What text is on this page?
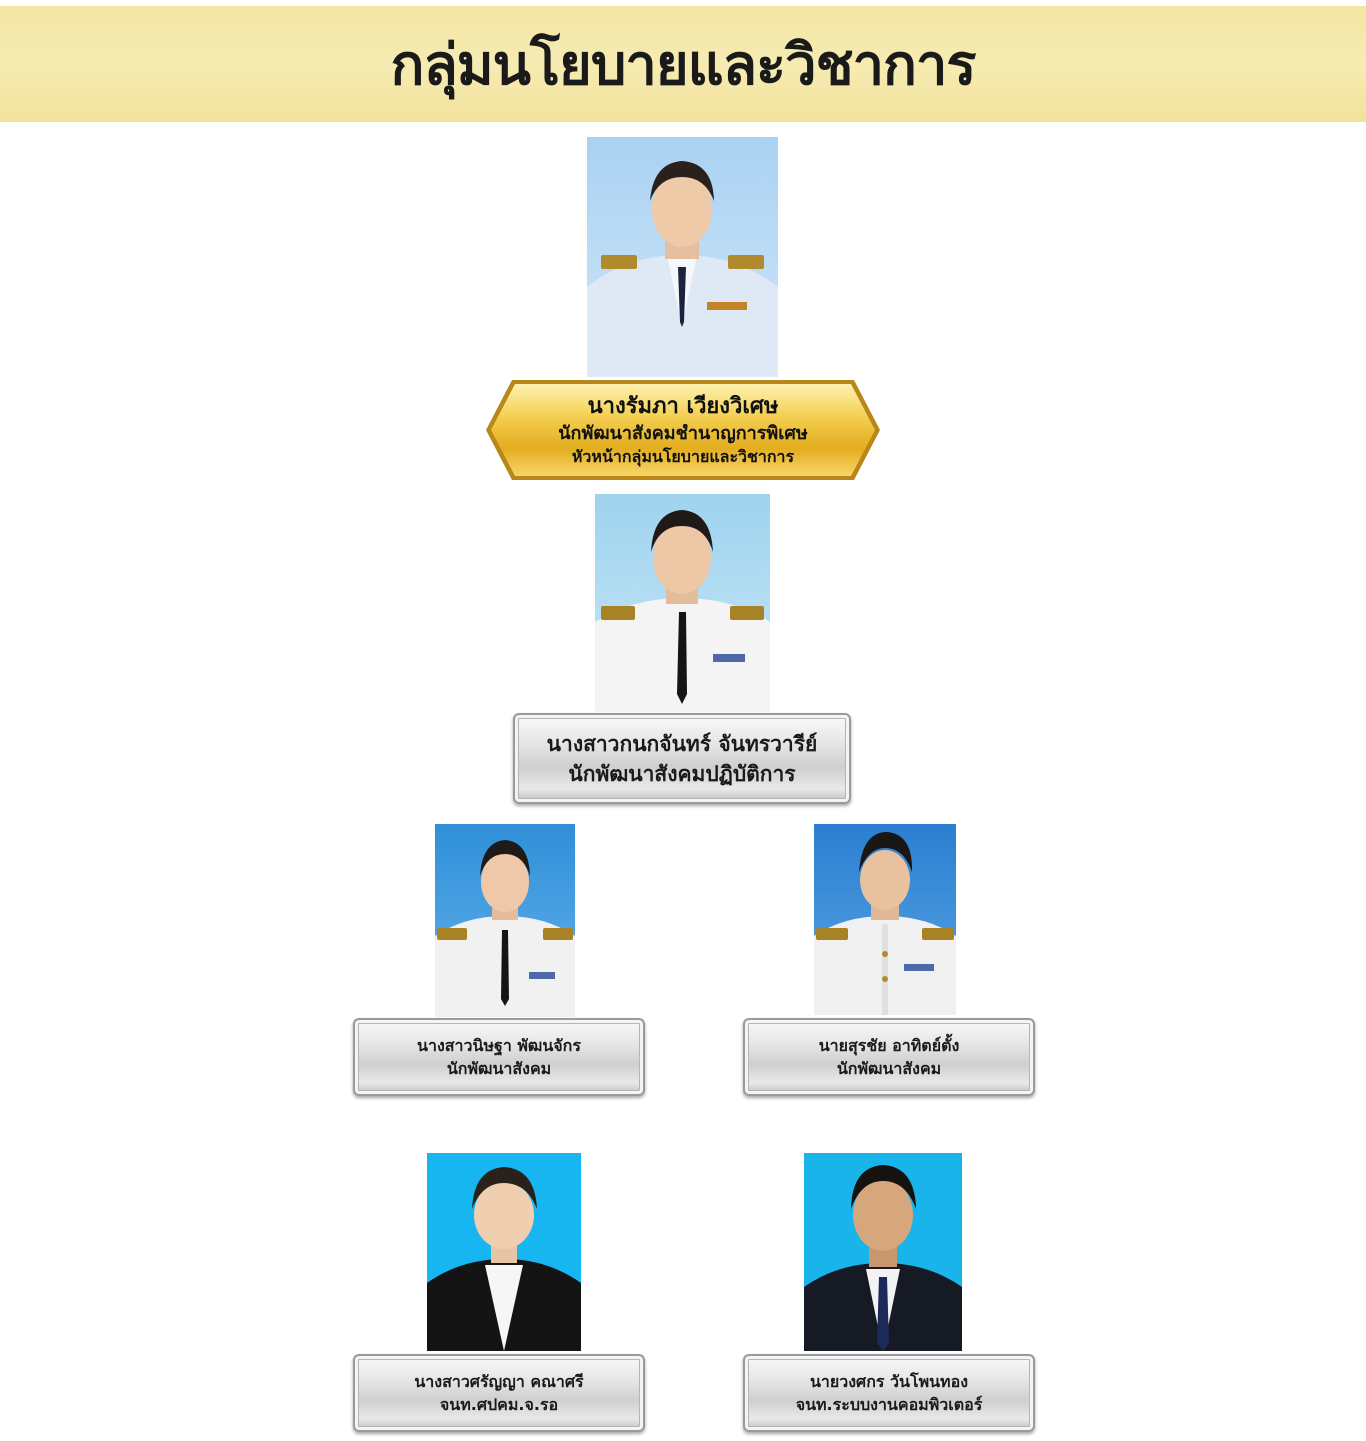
กลุ่มนโยบายและวิชาการ
นางรัมภา เวียงวิเศษ
นักพัฒนาสังคมชำนาญการพิเศษ
หัวหน้ากลุ่มนโยบายและวิชาการ
นางสาวกนกจันทร์ จันทรวารีย์
นักพัฒนาสังคมปฏิบัติการ
นางสาวนิษฐา พัฒนจักร
นักพัฒนาสังคม
นายสุรชัย อาทิตย์ตั้ง
นักพัฒนาสังคม
นางสาวศรัญญา คณาศรี
จนท.ศปคม.จ.รอ
นายวงศกร วันโพนทอง
จนท.ระบบงานคอมพิวเตอร์
